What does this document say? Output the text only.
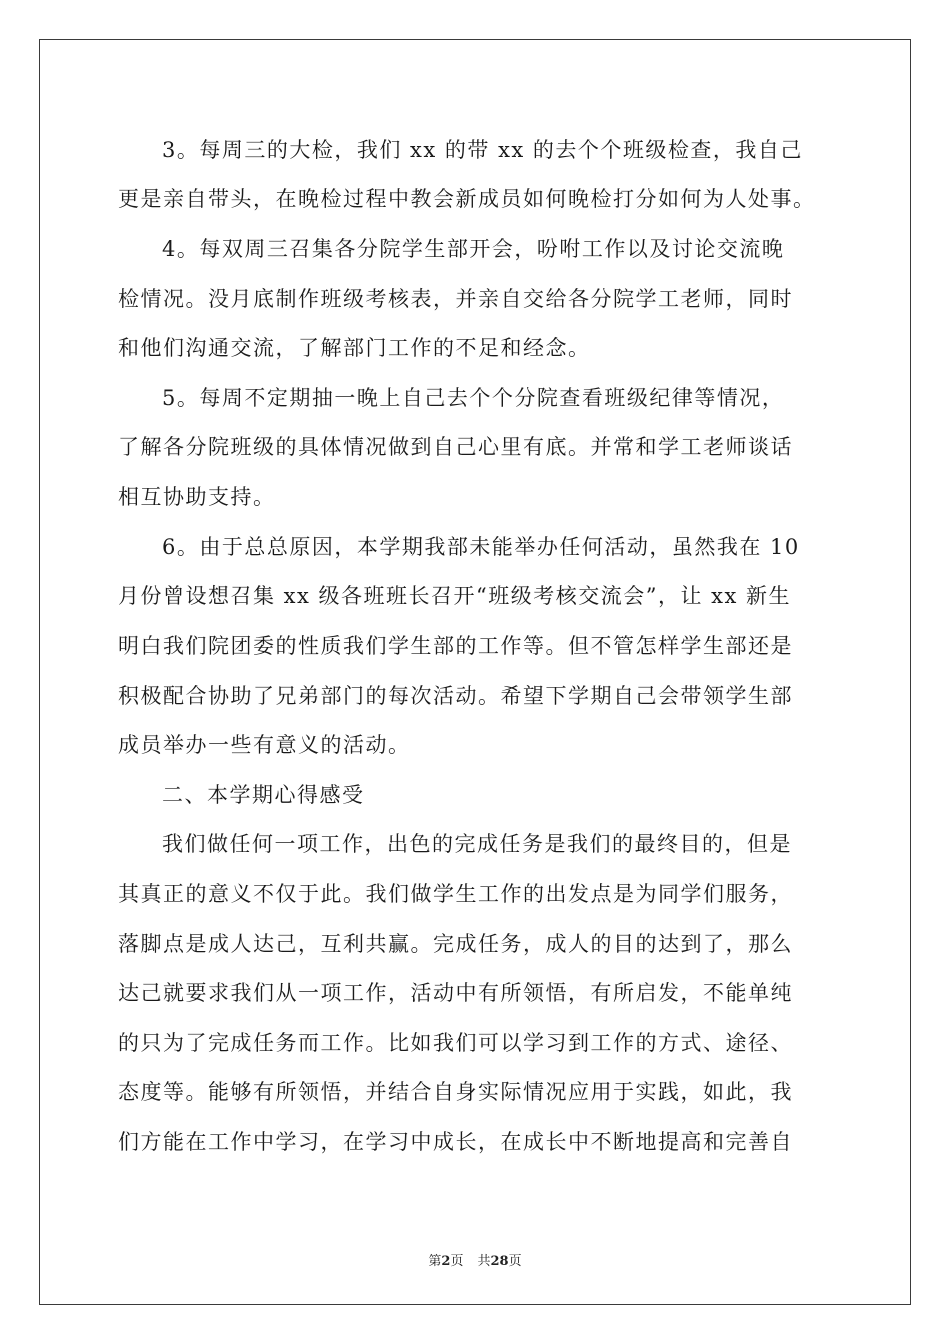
3。每周三的大检，我们 xx 的带 xx 的去个个班级检查，我自己
更是亲自带头，在晚检过程中教会新成员如何晚检打分如何为人处事。
4。每双周三召集各分院学生部开会，吩咐工作以及讨论交流晚
检情况。没月底制作班级考核表，并亲自交给各分院学工老师，同时
和他们沟通交流，了解部门工作的不足和经念。
5。每周不定期抽一晚上自己去个个分院查看班级纪律等情况，
了解各分院班级的具体情况做到自己心里有底。并常和学工老师谈话
相互协助支持。
6。由于总总原因，本学期我部未能举办任何活动，虽然我在 10
月份曾设想召集 xx 级各班班长召开“班级考核交流会”，让 xx 新生
明白我们院团委的性质我们学生部的工作等。但不管怎样学生部还是
积极配合协助了兄弟部门的每次活动。希望下学期自己会带领学生部
成员举办一些有意义的活动。
二、本学期心得感受
我们做任何一项工作，出色的完成任务是我们的最终目的，但是
其真正的意义不仅于此。我们做学生工作的出发点是为同学们服务，
落脚点是成人达己，互利共赢。完成任务，成人的目的达到了，那么
达己就要求我们从一项工作，活动中有所领悟，有所启发，不能单纯
的只为了完成任务而工作。比如我们可以学习到工作的方式、途径、
态度等。能够有所领悟，并结合自身实际情况应用于实践，如此，我
们方能在工作中学习，在学习中成长，在成长中不断地提高和完善自
第2页 共28页
